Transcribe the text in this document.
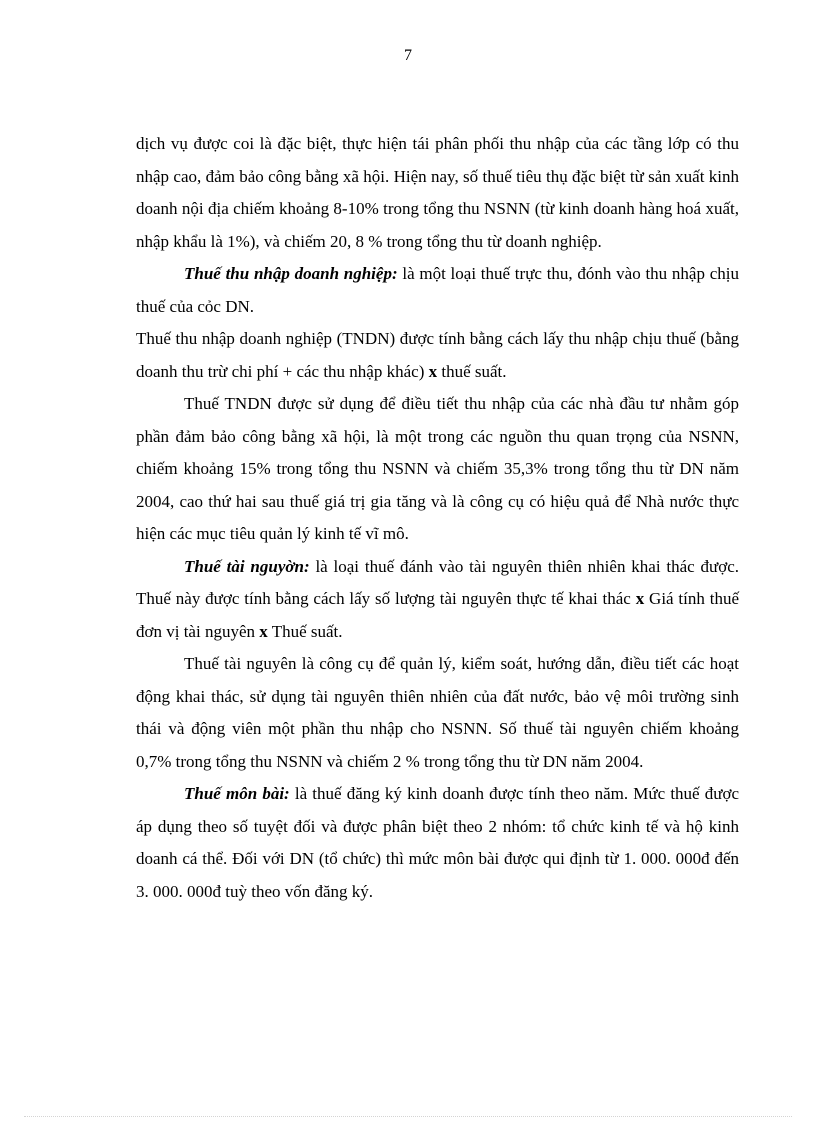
7

dịch vụ được coi là đặc biệt, thực hiện tái phân phối thu nhập của các tầng lớp có thu nhập cao, đảm bảo công bằng xã hội. Hiện nay, số thuế tiêu thụ đặc biệt từ sản xuất kinh doanh nội địa chiếm khoảng 8-10% trong tổng thu NSNN (từ kinh doanh hàng hoá xuất, nhập khẩu là 1%), và chiếm 20, 8 % trong tổng thu từ doanh nghiệp.

Thuế thu nhập doanh nghiệp: là một loại thuế trực thu, đónh vào thu nhập chịu thuế của cỏc DN.

Thuế thu nhập doanh nghiệp (TNDN) được tính bằng cách lấy thu nhập chịu thuế (bằng doanh thu trừ chi phí + các thu nhập khác) x thuế suất.

Thuế TNDN được sử dụng để điều tiết thu nhập của các nhà đầu tư nhằm góp phần đảm bảo công bằng xã hội, là một trong các nguồn thu quan trọng của NSNN, chiếm khoảng 15% trong tổng thu NSNN và chiếm 35,3% trong tổng thu từ DN năm 2004, cao thứ hai sau thuế giá trị gia tăng và là công cụ có hiệu quả để Nhà nước thực hiện các mục tiêu quản lý kinh tế vĩ mô.

Thuế tài nguyờn: là loại thuế đánh vào tài nguyên thiên nhiên khai thác được. Thuế này được tính bằng cách lấy số lượng tài nguyên thực tế khai thác x Giá tính thuế đơn vị tài nguyên x Thuế suất.

Thuế tài nguyên là công cụ để quản lý, kiểm soát, hướng dẫn, điều tiết các hoạt động khai thác, sử dụng tài nguyên thiên nhiên của đất nước, bảo vệ môi trường sinh thái và động viên một phần thu nhập cho NSNN. Số thuế tài nguyên chiếm khoảng 0,7% trong tổng thu NSNN và chiếm 2 % trong tổng thu từ DN năm 2004.

Thuế môn bài: là thuế đăng ký kinh doanh được tính theo năm. Mức thuế được áp dụng theo số tuyệt đối và được phân biệt theo 2 nhóm: tổ chức kinh tế và hộ kinh doanh cá thể. Đối với DN (tổ chức) thì mức môn bài được qui định từ 1. 000. 000đ đến 3. 000. 000đ tuỳ theo vốn đăng ký.
